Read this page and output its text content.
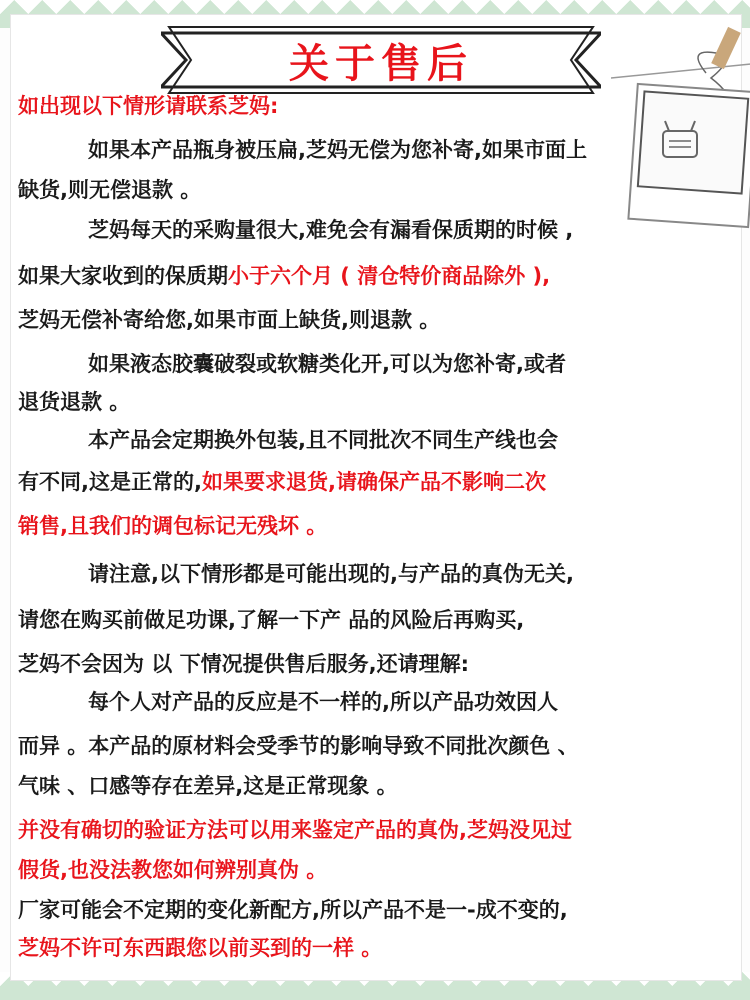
关于售后
如出现以下情形请联系芝妈:
如果本产品瓶身被压扁,芝妈无偿为您补寄,如果市面上
缺货,则无偿退款 。
芝妈每天的采购量很大,难免会有漏看保质期的时候 ,
如果大家收到的保质期小于六个月 ( 清仓特价商品除外 ),
芝妈无偿补寄给您,如果市面上缺货,则退款 。
如果液态胶囊破裂或软糖类化开,可以为您补寄,或者
退货退款 。
本产品会定期换外包装,且不同批次不同生产线也会
有不同,这是正常的,如果要求退货,请确保产品不影响二次
销售,且我们的调包标记无残坏 。
请注意,以下情形都是可能出现的,与产品的真伪无关,
请您在购买前做足功课,了解一下产 品的风险后再购买,
芝妈不会因为 以 下情况提供售后服务,还请理解:
每个人对产品的反应是不一样的,所以产品功效因人
而异 。本产品的原材料会受季节的影响导致不同批次颜色 、
气味 、口感等存在差异,这是正常现象 。
并没有确切的验证方法可以用来鉴定产品的真伪,芝妈没见过
假货,也没法教您如何辨别真伪 。
厂家可能会不定期的变化新配方,所以产品不是一-成不变的,
芝妈不许可东西跟您以前买到的一样 。
